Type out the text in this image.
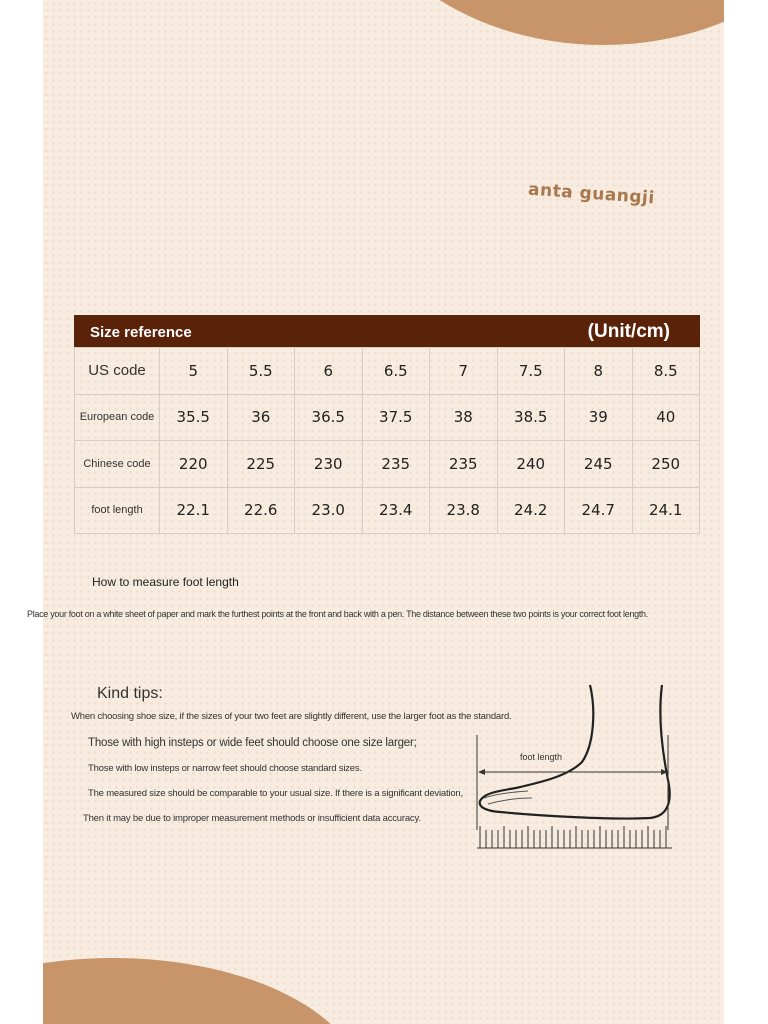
anta guangji
Size reference	(Unit/cm)
US code	5	5.5	6	6.5	7	7.5	8	8.5
European code	35.5	36	36.5	37.5	38	38.5	39	40
Chinese code	220	225	230	235	235	240	245	250
foot length	22.1	22.6	23.0	23.4	23.8	24.2	24.7	24.1
How to measure foot length
Place your foot on a white sheet of paper and mark the furthest points at the front and back with a pen. The distance between these two points is your correct foot length.
Kind tips:
When choosing shoe size, if the sizes of your two feet are slightly different, use the larger foot as the standard.
Those with high insteps or wide feet should choose one size larger;
Those with low insteps or narrow feet should choose standard sizes.
The measured size should be comparable to your usual size. If there is a significant deviation,
Then it may be due to improper measurement methods or insufficient data accuracy.
foot length
